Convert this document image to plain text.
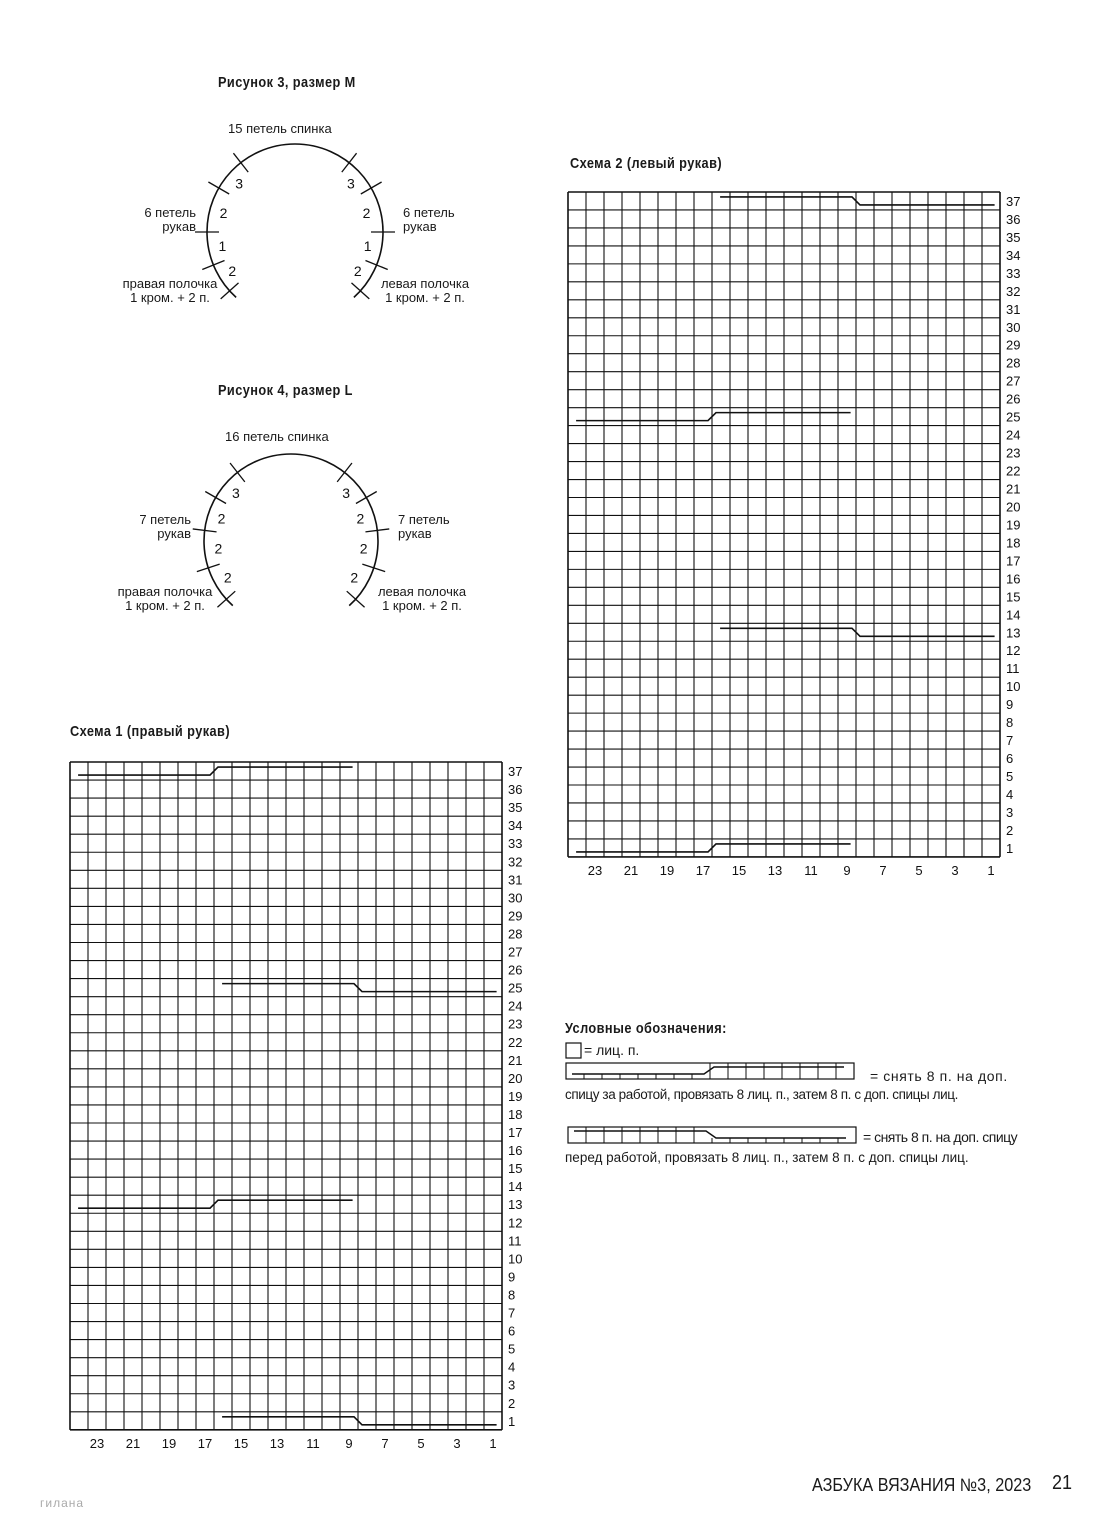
3
2
1
2
3
2
1
2
3
2
2
2
3
2
2
2
1
2
3
4
5
6
7
8
9
10
11
12
13
14
15
16
17
18
19
20
21
22
23
24
25
26
27
28
29
30
31
32
33
34
35
36
37
1
3
5
7
9
11
13
15
17
19
21
23
1
2
3
4
5
6
7
8
9
10
11
12
13
14
15
16
17
18
19
20
21
22
23
24
25
26
27
28
29
30
31
32
33
34
35
36
37
1
3
5
7
9
11
13
15
17
19
21
23
Рисунок 3, размер М
15 петель спинка
6 петель
рукав
6 петель
рукав
правая полочка
1 кром. + 2 п.
левая полочка
1 кром. + 2 п.
Рисунок 4, размер L
16 петель спинка
7 петель
рукав
7 петель
рукав
правая полочка
1 кром. + 2 п.
левая полочка
1 кром. + 2 п.
Схема 1 (правый рукав)
Схема 2 (левый рукав)
Условные обозначения:
= лиц. п.
= снять 8 п. на доп.
спицу за работой, провязать 8 лиц. п., затем 8 п. с доп. спицы лиц.
= снять 8 п. на доп. спицу
перед работой, провязать 8 лиц. п., затем 8 п. с доп. спицы лиц.
АЗБУКА ВЯЗАНИЯ №3, 2023 21
гилана
